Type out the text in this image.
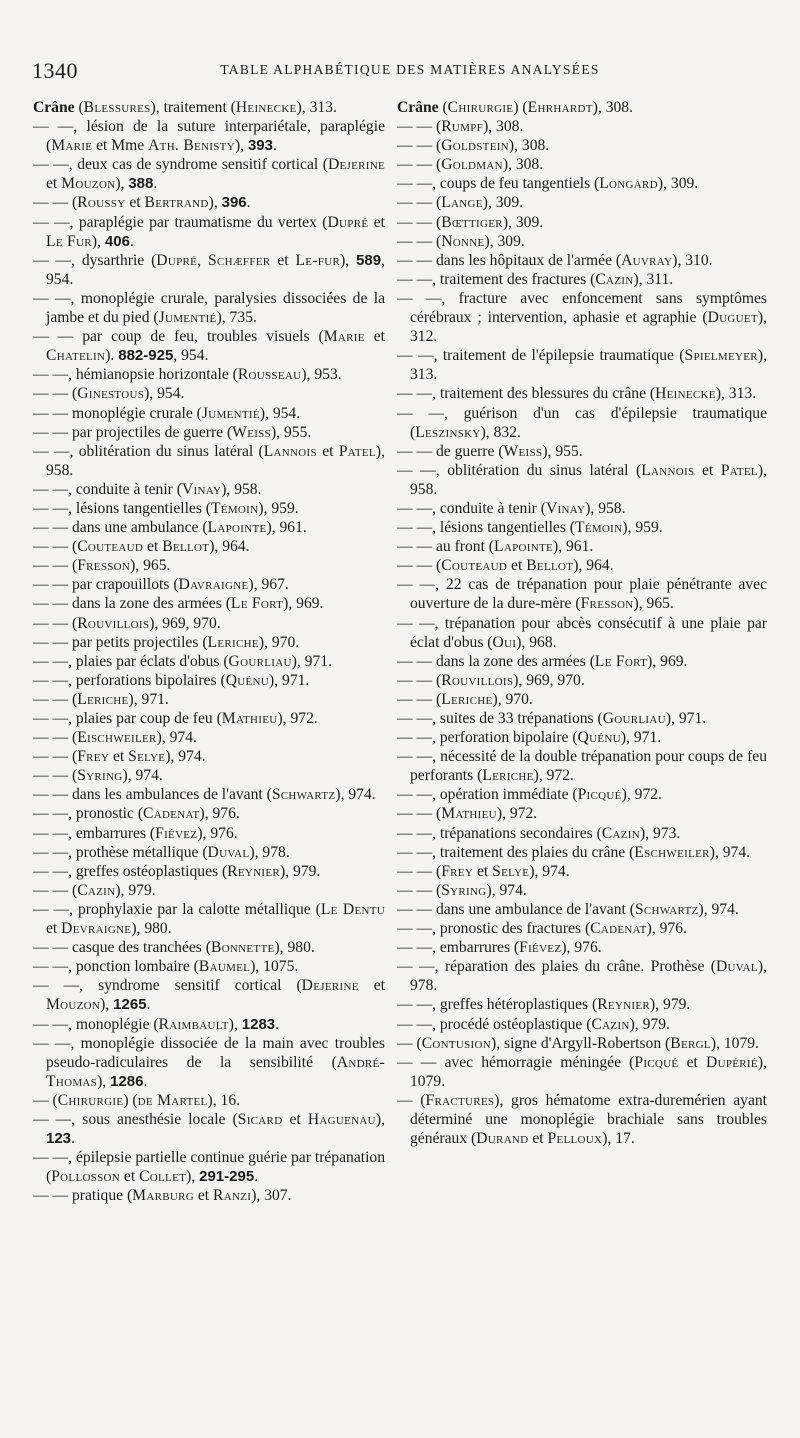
1340	TABLE ALPHABÉTIQUE DES MATIÈRES ANALYSÉES

Crâne (Blessures), traitement (Heinecke), 313.

— —, lésion de la suture interpariétale, paraplégie (Marie et Mme Ath. Benisty), 393.

— —, deux cas de syndrome sensitif cortical (Dejerine et Mouzon), 388.

— — (Roussy et Bertrand), 396.

— —, paraplégie par traumatisme du vertex (Dupré et Le Fur), 406.

— —, dysarthrie (Dupré, Schæffer et Le-fur), 589, 954.

— —, monoplégie crurale, paralysies dissociées de la jambe et du pied (Jumentié), 735.

— — par coup de feu, troubles visuels (Marie et Chatelin). 882-925, 954.

— —, hémianopsie horizontale (Rousseau), 953.

— — (Ginestous), 954.

— — monoplégie crurale (Jumentié), 954.

— — par projectiles de guerre (Weiss), 955.

— —, oblitération du sinus latéral (Lannois et Patel), 958.

— —, conduite à tenir (Vinay), 958.

— —, lésions tangentielles (Témoin), 959.

— — dans une ambulance (Lapointe), 961.

— — (Couteaud et Bellot), 964.

— — (Fresson), 965.

— — par crapouillots (Davraigne), 967.

— — dans la zone des armées (Le Fort), 969.

— — (Rouvillois), 969, 970.

— — par petits projectiles (Leriche), 970.

— —, plaies par éclats d'obus (Gourliau), 971.

— —, perforations bipolaires (Quénu), 971.

— — (Leriche), 971.

— —, plaies par coup de feu (Mathieu), 972.

— — (Eischweiler), 974.

— — (Frey et Selye), 974.

— — (Syring), 974.

— — dans les ambulances de l'avant (Schwartz), 974.

— —, pronostic (Cadenat), 976.

— —, embarrures (Fiévez), 976.

— —, prothèse métallique (Duval), 978.

— —, greffes ostéoplastiques (Reynier), 979.

— — (Cazin), 979.

— —, prophylaxie par la calotte métallique (Le Dentu et Devraigne), 980.

— — casque des tranchées (Bonnette), 980.

— —, ponction lombaire (Baumel), 1075.

— —, syndrome sensitif cortical (Dejerine et Mouzon), 1265.

— —, monoplégie (Raimbault), 1283.

— —, monoplégie dissociée de la main avec troubles pseudo-radiculaires de la sensibilité (André-Thomas), 1286.

— (Chirurgie) (de Martel), 16.

— —, sous anesthésie locale (Sicard et Haguenau), 123.

— —, épilepsie partielle continue guérie par trépanation (Pollosson et Collet), 291-295.

— — pratique (Marburg et Ranzi), 307.

Crâne (Chirurgie) (Ehrhardt), 308.

— — (Rumpf), 308.

— — (Goldstein), 308.

— — (Goldman), 308.

— —, coups de feu tangentiels (Longard), 309.

— — (Lange), 309.

— — (Bœttiger), 309.

— — (Nonne), 309.

— — dans les hôpitaux de l'armée (Auvray), 310.

— —, traitement des fractures (Cazin), 311.

— —, fracture avec enfoncement sans symptômes cérébraux ; intervention, aphasie et agraphie (Duguet), 312.

— —, traitement de l'épilepsie traumatique (Spielmeyer), 313.

— —, traitement des blessures du crâne (Heinecke), 313.

— —, guérison d'un cas d'épilepsie traumatique (Leszinsky), 832.

— — de guerre (Weiss), 955.

— —, oblitération du sinus latéral (Lannois et Patel), 958.

— —, conduite à tenir (Vinay), 958.

— —, lésions tangentielles (Témoin), 959.

— — au front (Lapointe), 961.

— — (Couteaud et Bellot), 964.

— —, 22 cas de trépanation pour plaie pénétrante avec ouverture de la dure-mère (Fresson), 965.

— —, trépanation pour abcès consécutif à une plaie par éclat d'obus (Oui), 968.

— — dans la zone des armées (Le Fort), 969.

— — (Rouvillois), 969, 970.

— — (Leriche), 970.

— —, suites de 33 trépanations (Gourliau), 971.

— —, perforation bipolaire (Quénu), 971.

— —, nécessité de la double trépanation pour coups de feu perforants (Leriche), 972.

— —, opération immédiate (Picqué), 972.

— — (Mathieu), 972.

— —, trépanations secondaires (Cazin), 973.

— —, traitement des plaies du crâne (Eschweiler), 974.

— — (Frey et Selye), 974.

— — (Syring), 974.

— — dans une ambulance de l'avant (Schwartz), 974.

— —, pronostic des fractures (Cadenat), 976.

— —, embarrures (Fiévez), 976.

— —, réparation des plaies du crâne. Prothèse (Duval), 978.

— —, greffes hétéroplastiques (Reynier), 979.

— —, procédé ostéoplastique (Cazin), 979.

— (Contusion), signe d'Argyll-Robertson (Bergl), 1079.

— — avec hémorragie méningée (Picqué et Dupérié), 1079.

— (Fractures), gros hématome extra-duremérien ayant déterminé une monoplégie brachiale sans troubles généraux (Durand et Pelloux), 17.
